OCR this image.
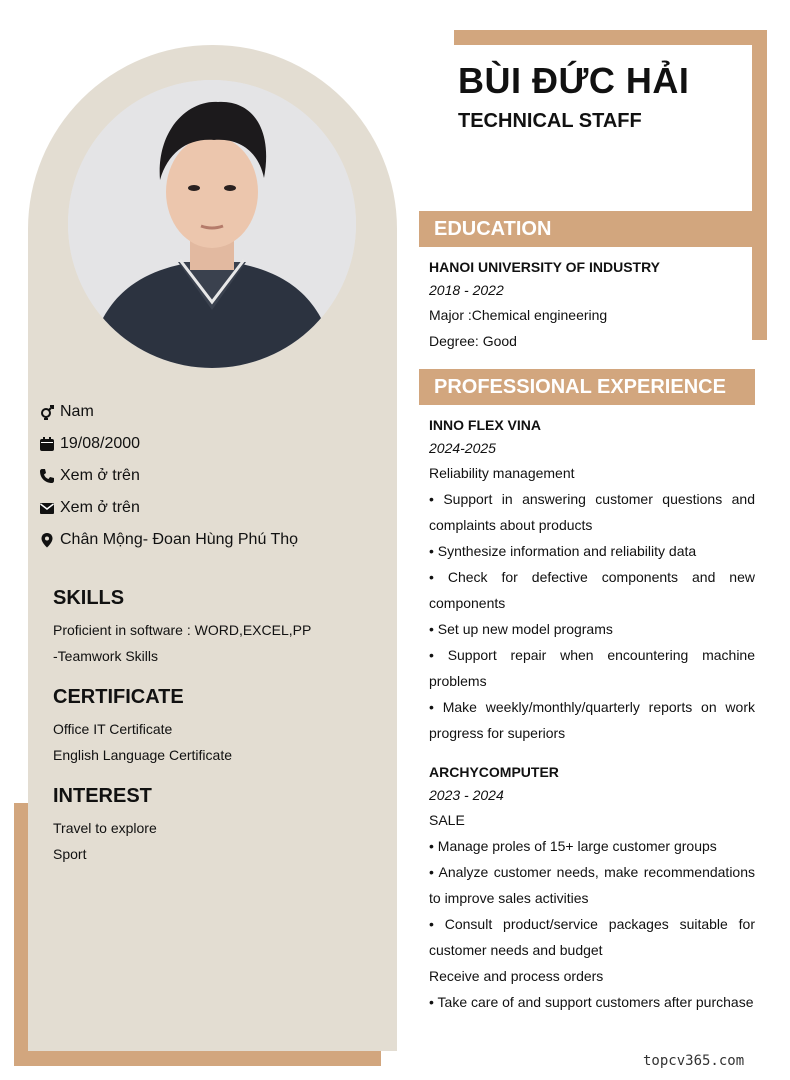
Nam
19/08/2000
Xem ở trên
Xem ở trên
Chân Mộng- Đoan Hùng Phú Thọ
SKILLS
Proficient in software : WORD,EXCEL,PP
-Teamwork Skills
CERTIFICATE
Office IT Certificate
English Language Certificate
INTEREST
Travel to explore
Sport
BÙI ĐỨC HẢI
TECHNICAL STAFF
EDUCATION
HANOI UNIVERSITY OF INDUSTRY
2018 - 2022
Major :Chemical engineering
Degree: Good
PROFESSIONAL EXPERIENCE
INNO FLEX VINA
2024-2025
Reliability management
• Support in answering customer questions and complaints about products
• Synthesize information and reliability data
• Check for defective components and new components
• Set up new model programs
• Support repair when encountering machine problems
• Make weekly/monthly/quarterly reports on work progress for superiors
ARCHYCOMPUTER
2023 - 2024
SALE
• Manage proles of 15+ large customer groups
• Analyze customer needs, make recommendations to improve sales activities
• Consult product/service packages suitable for customer needs and budget
Receive and process orders
• Take care of and support customers after purchase
topcv365.com
